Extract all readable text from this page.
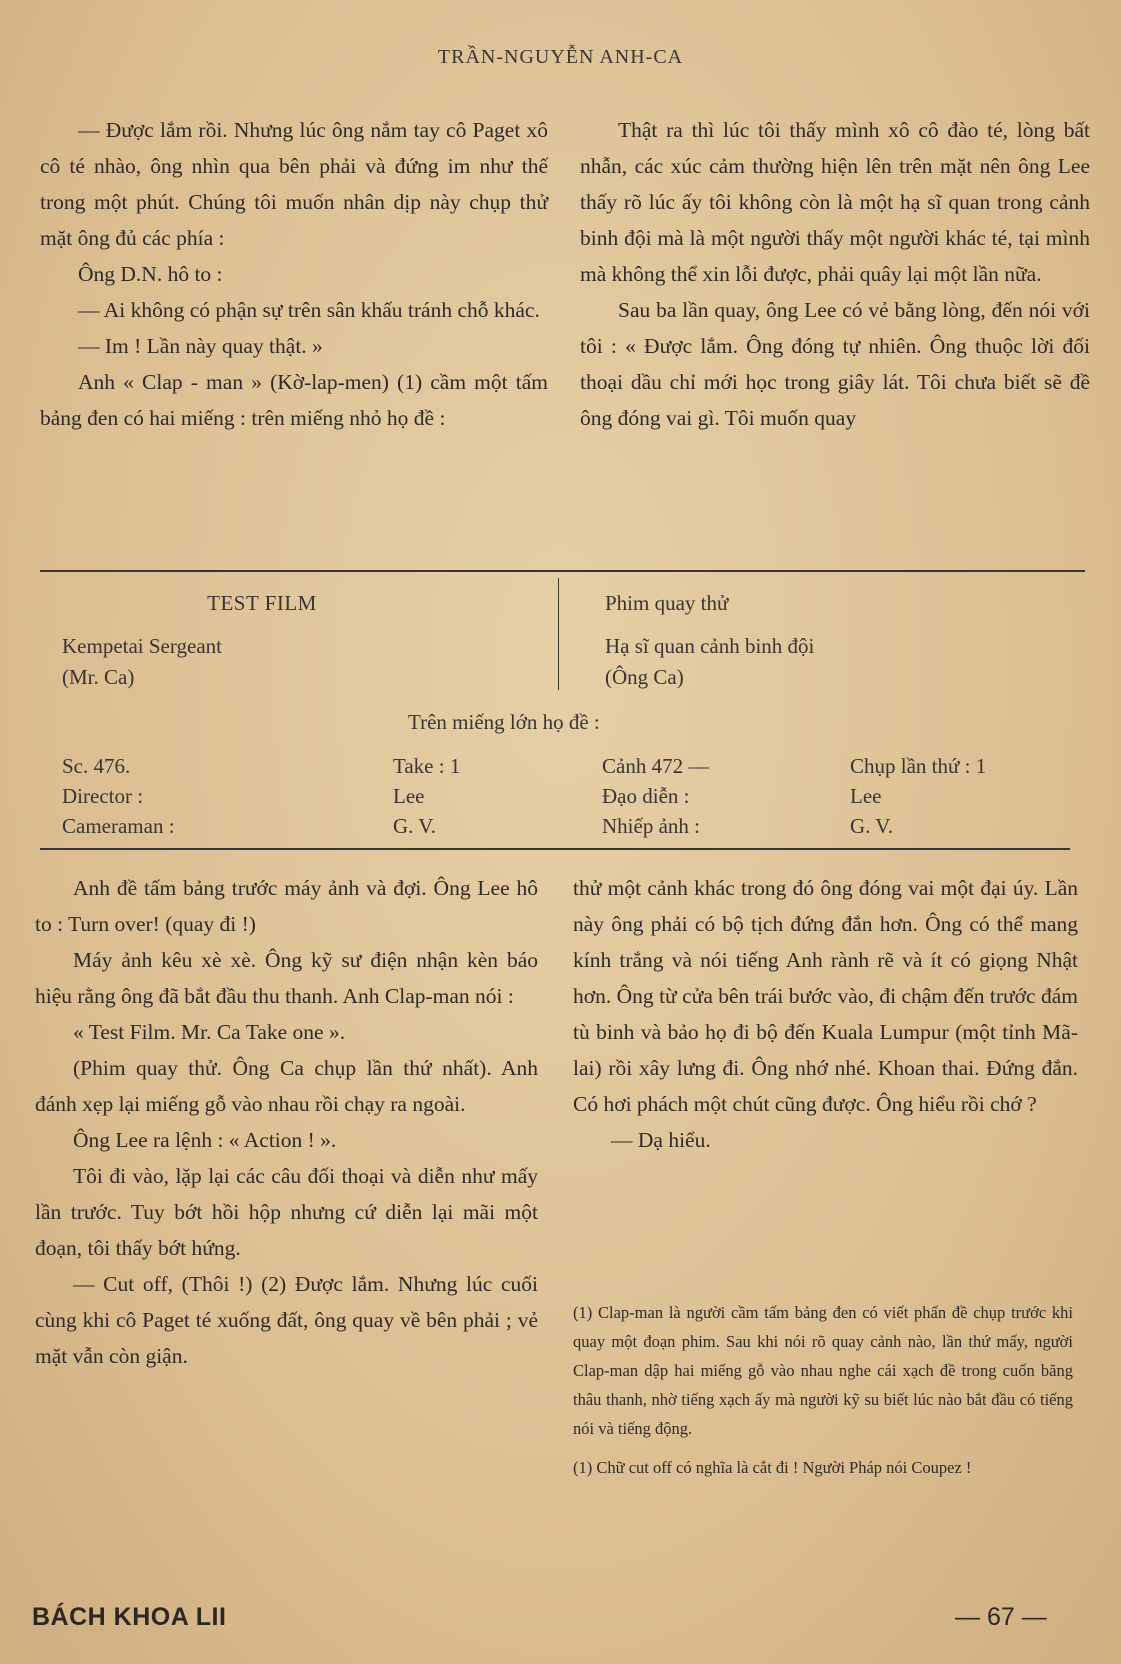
TRẦN-NGUYỄN ANH-CA

— Được lắm rồi. Nhưng lúc ông nắm tay cô Paget xô cô té nhào, ông nhìn qua bên phải và đứng im như thế trong một phút. Chúng tôi muốn nhân dịp này chụp thử mặt ông đủ các phía :

Ông D.N. hô to :

— Ai không có phận sự trên sân khấu tránh chỗ khác.

— Im ! Lần này quay thật. »

Anh « Clap - man » (Kờ-lap-men) (1) cầm một tấm bảng đen có hai miếng : trên miếng nhỏ họ đề :

Thật ra thì lúc tôi thấy mình xô cô đào té, lòng bất nhẫn, các xúc cảm thường hiện lên trên mặt nên ông Lee thấy rõ lúc ấy tôi không còn là một hạ sĩ quan trong cảnh binh đội mà là một người thấy một người khác té, tại mình mà không thể xin lỗi được, phải quây lại một lần nữa.

Sau ba lần quay, ông Lee có vẻ bằng lòng, đến nói với tôi : « Được lắm. Ông đóng tự nhiên. Ông thuộc lời đối thoại dầu chỉ mới học trong giây lát. Tôi chưa biết sẽ đề ông đóng vai gì. Tôi muốn quay

TEST FILM
Kempetai Sergeant
(Mr. Ca)
Phim quay thử
Hạ sĩ quan cảnh binh đội
(Ông Ca)
Trên miếng lớn họ đề :
Sc. 476.
Director :
Cameraman :
Take : 1
Lee
G. V.
Cảnh 472 —
Đạo diễn :
Nhiếp ảnh :
Chụp lần thứ : 1
Lee
G. V.

Anh đề tấm bảng trước máy ảnh và đợi. Ông Lee hô to : Turn over! (quay đi !)

Máy ảnh kêu xè xè. Ông kỹ sư điện nhận kèn báo hiệu rằng ông đã bắt đầu thu thanh. Anh Clap-man nói :

« Test Film. Mr. Ca Take one ».

(Phim quay thử. Ông Ca chụp lần thứ nhất). Anh đánh xẹp lại miếng gỗ vào nhau rồi chạy ra ngoài.

Ông Lee ra lệnh : « Action ! ».

Tôi đi vào, lặp lại các câu đối thoại và diễn như mấy lần trước. Tuy bớt hồi hộp nhưng cứ diễn lại mãi một đoạn, tôi thấy bớt hứng.

— Cut off, (Thôi !) (2) Được lắm. Nhưng lúc cuối cùng khi cô Paget té xuống đất, ông quay về bên phải ; vẻ mặt vẫn còn giận.

thử một cảnh khác trong đó ông đóng vai một đại úy. Lần này ông phải có bộ tịch đứng đắn hơn. Ông có thể mang kính trắng và nói tiếng Anh rành rẽ và ít có giọng Nhật hơn. Ông từ cửa bên trái bước vào, đi chậm đến trước đám tù binh và bảo họ đi bộ đến Kuala Lumpur (một tỉnh Mã-lai) rồi xây lưng đi. Ông nhớ nhé. Khoan thai. Đứng đắn. Có hơi phách một chút cũng được. Ông hiểu rồi chớ ?

— Dạ hiểu.

(1) Clap-man là người cầm tấm bảng đen có viết phấn đề chụp trước khi quay một đoạn phim. Sau khi nói rõ quay cảnh nào, lần thứ mấy, người Clap-man dập hai miếng gỗ vào nhau nghe cái xạch đề trong cuốn băng thâu thanh, nhờ tiếng xạch ấy mà người kỹ su biết lúc nào bắt đầu có tiếng nói và tiếng động.

(1) Chữ cut off có nghĩa là cắt đi ! Người Pháp nói Coupez !

BÁCH KHOA LII	— 67 —
